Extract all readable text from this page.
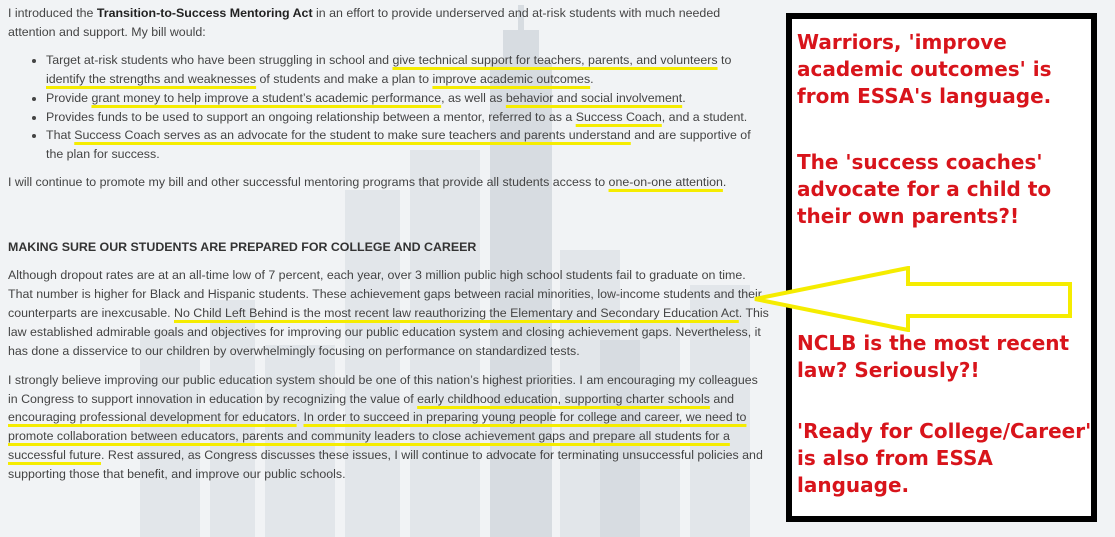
I introduced the Transition-to-Success Mentoring Act in an effort to provide underserved and at-risk students with much needed attention and support. My bill would:

• Target at-risk students who have been struggling in school and give technical support for teachers, parents, and volunteers to identify the strengths and weaknesses of students and make a plan to improve academic outcomes.
• Provide grant money to help improve a student’s academic performance, as well as behavior and social involvement.
• Provides funds to be used to support an ongoing relationship between a mentor, referred to as a Success Coach, and a student.
• That Success Coach serves as an advocate for the student to make sure teachers and parents understand and are supportive of the plan for success.

I will continue to promote my bill and other successful mentoring programs that provide all students access to one-on-one attention.

MAKING SURE OUR STUDENTS ARE PREPARED FOR COLLEGE AND CAREER

Although dropout rates are at an all-time low of 7 percent, each year, over 3 million public high school students fail to graduate on time. That number is higher for Black and Hispanic students. These achievement gaps between racial minorities, low-income students and their counterparts are inexcusable. No Child Left Behind is the most recent law reauthorizing the Elementary and Secondary Education Act. This law established admirable goals and objectives for improving our public education system and closing achievement gaps. Nevertheless, it has done a disservice to our children by overwhelmingly focusing on performance on standardized tests.

I strongly believe improving our public education system should be one of this nation’s highest priorities. I am encouraging my colleagues in Congress to support innovation in education by recognizing the value of early childhood education, supporting charter schools and encouraging professional development for educators. In order to succeed in preparing young people for college and career, we need to promote collaboration between educators, parents and community leaders to close achievement gaps and prepare all students for a successful future. Rest assured, as Congress discusses these issues, I will continue to advocate for terminating unsuccessful policies and supporting those that benefit, and improve our public schools.

Warriors, 'improve academic outcomes' is from ESSA's language.
The 'success coaches' advocate for a child to their own parents?!
NCLB is the most recent law? Seriously?!
'Ready for College/Career' is also from ESSA language.
